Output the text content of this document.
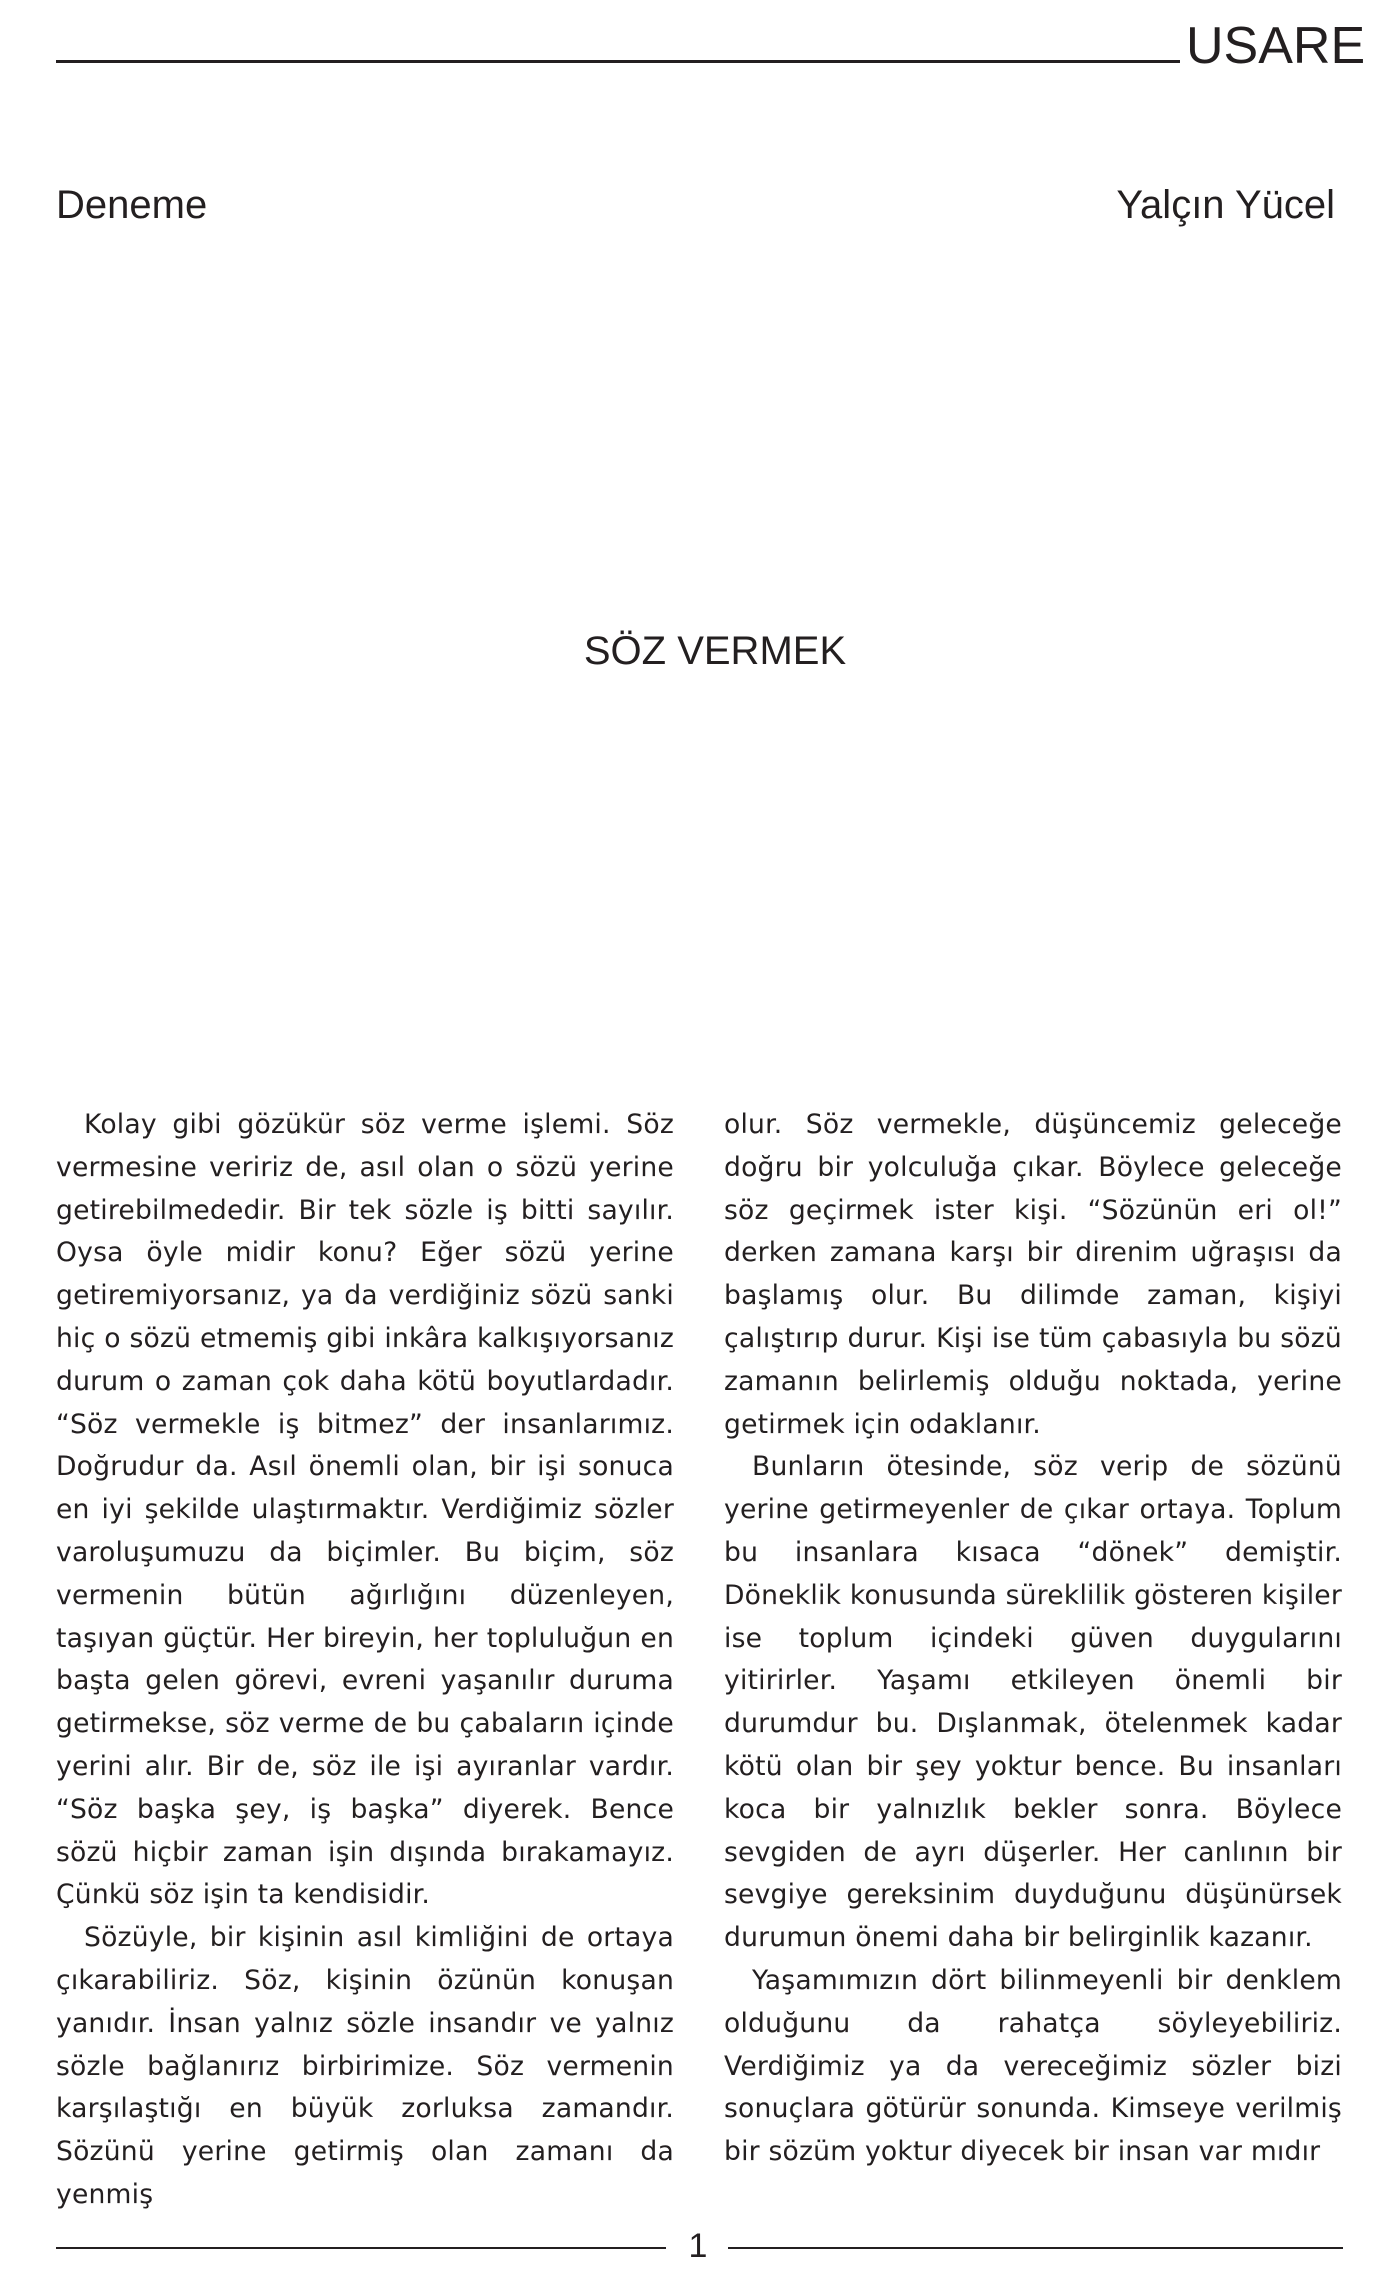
USARE
Deneme	Yalçın Yücel
SÖZ VERMEK

Kolay gibi gözükür söz verme işlemi. Söz vermesine veririz de, asıl olan o sözü yerine getirebilmededir. Bir tek sözle iş bitti sayılır. Oysa öyle midir konu? Eğer sözü yerine getiremiyorsanız, ya da verdiğiniz sözü sanki hiç o sözü etmemiş gibi inkâra kalkışıyorsanız durum o zaman çok daha kötü boyutlardadır. “Söz vermekle iş bitmez” der insanlarımız. Doğrudur da. Asıl önemli olan, bir işi sonuca en iyi şekilde ulaştırmaktır. Verdiğimiz sözler varoluşumuzu da biçimler. Bu biçim, söz vermenin bütün ağırlığını düzenleyen, taşıyan güçtür. Her bireyin, her topluluğun en başta gelen görevi, evreni yaşanılır duruma getirmekse, söz verme de bu çabaların içinde yerini alır. Bir de, söz ile işi ayıranlar vardır. “Söz başka şey, iş başka” diyerek. Bence sözü hiçbir zaman işin dışında bırakamayız. Çünkü söz işin ta kendisidir.

Sözüyle, bir kişinin asıl kimliğini de ortaya çıkarabiliriz. Söz, kişinin özünün konuşan yanıdır. İnsan yalnız sözle insandır ve yalnız sözle bağlanırız birbirimize. Söz vermenin karşılaştığı en büyük zorluksa zamandır. Sözünü yerine getirmiş olan zamanı da yenmiş

olur. Söz vermekle, düşüncemiz geleceğe doğru bir yolculuğa çıkar. Böylece geleceğe söz geçirmek ister kişi. “Sözünün eri ol!” derken zamana karşı bir direnim uğraşısı da başlamış olur. Bu dilimde zaman, kişiyi çalıştırıp durur. Kişi ise tüm çabasıyla bu sözü zamanın belirlemiş olduğu noktada, yerine getirmek için odaklanır.

Bunların ötesinde, söz verip de sözünü yerine getirmeyenler de çıkar ortaya. Toplum bu insanlara kısaca “dönek” demiştir. Döneklik konusunda süreklilik gösteren kişiler ise toplum içindeki güven duygularını yitirirler. Yaşamı etkileyen önemli bir durumdur bu. Dışlanmak, ötelenmek kadar kötü olan bir şey yoktur bence. Bu insanları koca bir yalnızlık bekler sonra. Böylece sevgiden de ayrı düşerler. Her canlının bir sevgiye gereksinim duyduğunu düşünürsek durumun önemi daha bir belirginlik kazanır.

Yaşamımızın dört bilinmeyenli bir denklem olduğunu da rahatça söyleyebiliriz. Verdiğimiz ya da vereceğimiz sözler bizi sonuçlara götürür sonunda. Kimseye verilmiş bir sözüm yoktur diyecek bir insan var mıdır

1
